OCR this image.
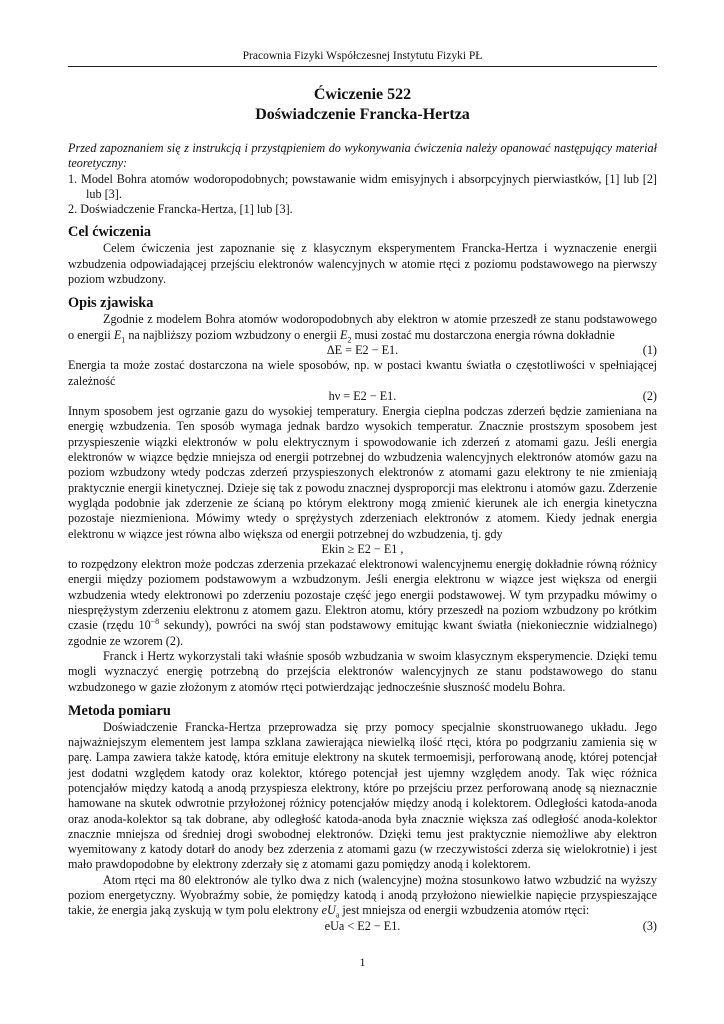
Pracownia Fizyki Współczesnej Instytutu Fizyki PŁ
Ćwiczenie 522
Doświadczenie Francka-Hertza

Przed zapoznaniem się z instrukcją i przystąpieniem do wykonywania ćwiczenia należy opanować następujący materiał teoretyczny:

1. Model Bohra atomów wodoropodobnych; powstawanie widm emisyjnych i absorpcyjnych pierwiastków, [1] lub [2] lub [3].

2. Doświadczenie Francka-Hertza, [1] lub [3].

Cel ćwiczenia

Celem ćwiczenia jest zapoznanie się z klasycznym eksperymentem Francka-Hertza i wyznaczenie energii wzbudzenia odpowiadającej przejściu elektronów walencyjnych w atomie rtęci z poziomu podstawowego na pierwszy poziom wzbudzony.

Opis zjawiska

Zgodnie z modelem Bohra atomów wodoropodobnych aby elektron w atomie przeszedł ze stanu podstawowego o energii $E_1$ na najbliższy poziom wzbudzony o energii $E_2$ musi zostać mu dostarczona energia równa dokładnie

ΔE = E2 − E1.	(1)

Energia ta może zostać dostarczona na wiele sposobów, np. w postaci kwantu światła o częstotliwości ν spełniającej zależność

hν = E2 − E1.	(2)

Innym sposobem jest ogrzanie gazu do wysokiej temperatury. Energia cieplna podczas zderzeń będzie zamieniana na energię wzbudzenia. Ten sposób wymaga jednak bardzo wysokich temperatur. Znacznie prostszym sposobem jest przyspieszenie wiązki elektronów w polu elektrycznym i spowodowanie ich zderzeń z atomami gazu. Jeśli energia elektronów w wiązce będzie mniejsza od energii potrzebnej do wzbudzenia walencyjnych elektronów atomów gazu na poziom wzbudzony wtedy podczas zderzeń przyspieszonych elektronów z atomami gazu elektrony te nie zmieniają praktycznie energii kinetycznej. Dzieje się tak z powodu znacznej dysproporcji mas elektronu i atomów gazu. Zderzenie wygląda podobnie jak zderzenie ze ścianą po którym elektrony mogą zmienić kierunek ale ich energia kinetyczna pozostaje niezmieniona. Mówimy wtedy o sprężystych zderzeniach elektronów z atomem. Kiedy jednak energia elektronu w wiązce jest równa albo większa od energii potrzebnej do wzbudzenia, tj. gdy

Ekin ≥ E2 − E1 ,

to rozpędzony elektron może podczas zderzenia przekazać elektronowi walencyjnemu energię dokładnie równą różnicy energii między poziomem podstawowym a wzbudzonym. Jeśli energia elektronu w wiązce jest większa od energii wzbudzenia wtedy elektronowi po zderzeniu pozostaje część jego energii podstawowej. W tym przypadku mówimy o niesprężystym zderzeniu elektronu z atomem gazu. Elektron atomu, który przeszedł na poziom wzbudzony po krótkim czasie (rzędu $10^{-8}$ sekundy), powróci na swój stan podstawowy emitując kwant światła (niekoniecznie widzialnego) zgodnie ze wzorem (2).

Franck i Hertz wykorzystali taki właśnie sposób wzbudzania w swoim klasycznym eksperymencie. Dzięki temu mogli wyznaczyć energię potrzebną do przejścia elektronów walencyjnych ze stanu podstawowego do stanu wzbudzonego w gazie złożonym z atomów rtęci potwierdzając jednocześnie słuszność modelu Bohra.

Metoda pomiaru

Doświadczenie Francka-Hertza przeprowadza się przy pomocy specjalnie skonstruowanego układu. Jego najważniejszym elementem jest lampa szklana zawierająca niewielką ilość rtęci, która po podgrzaniu zamienia się w parę. Lampa zawiera także katodę, która emituje elektrony na skutek termoemisji, perforowaną anodę, której potencjał jest dodatni względem katody oraz kolektor, którego potencjał jest ujemny względem anody. Tak więc różnica potencjałów między katodą a anodą przyspiesza elektrony, które po przejściu przez perforowaną anodę są nieznacznie hamowane na skutek odwrotnie przyłożonej różnicy potencjałów między anodą i kolektorem. Odległości katoda-anoda oraz anoda-kolektor są tak dobrane, aby odległość katoda-anoda była znacznie większa zaś odległość anoda-kolektor znacznie mniejsza od średniej drogi swobodnej elektronów. Dzięki temu jest praktycznie niemożliwe aby elektron wyemitowany z katody dotarł do anody bez zderzenia z atomami gazu (w rzeczywistości zderza się wielokrotnie) i jest mało prawdopodobne by elektrony zderzały się z atomami gazu pomiędzy anodą i kolektorem.

Atom rtęci ma 80 elektronów ale tylko dwa z nich (walencyjne) można stosunkowo łatwo wzbudzić na wyższy poziom energetyczny. Wyobraźmy sobie, że pomiędzy katodą i anodą przyłożono niewielkie napięcie przyspieszające takie, że energia jaką zyskują w tym polu elektrony $eU_a$ jest mniejsza od energii wzbudzenia atomów rtęci:

eUa < E2 − E1.	(3)
1
